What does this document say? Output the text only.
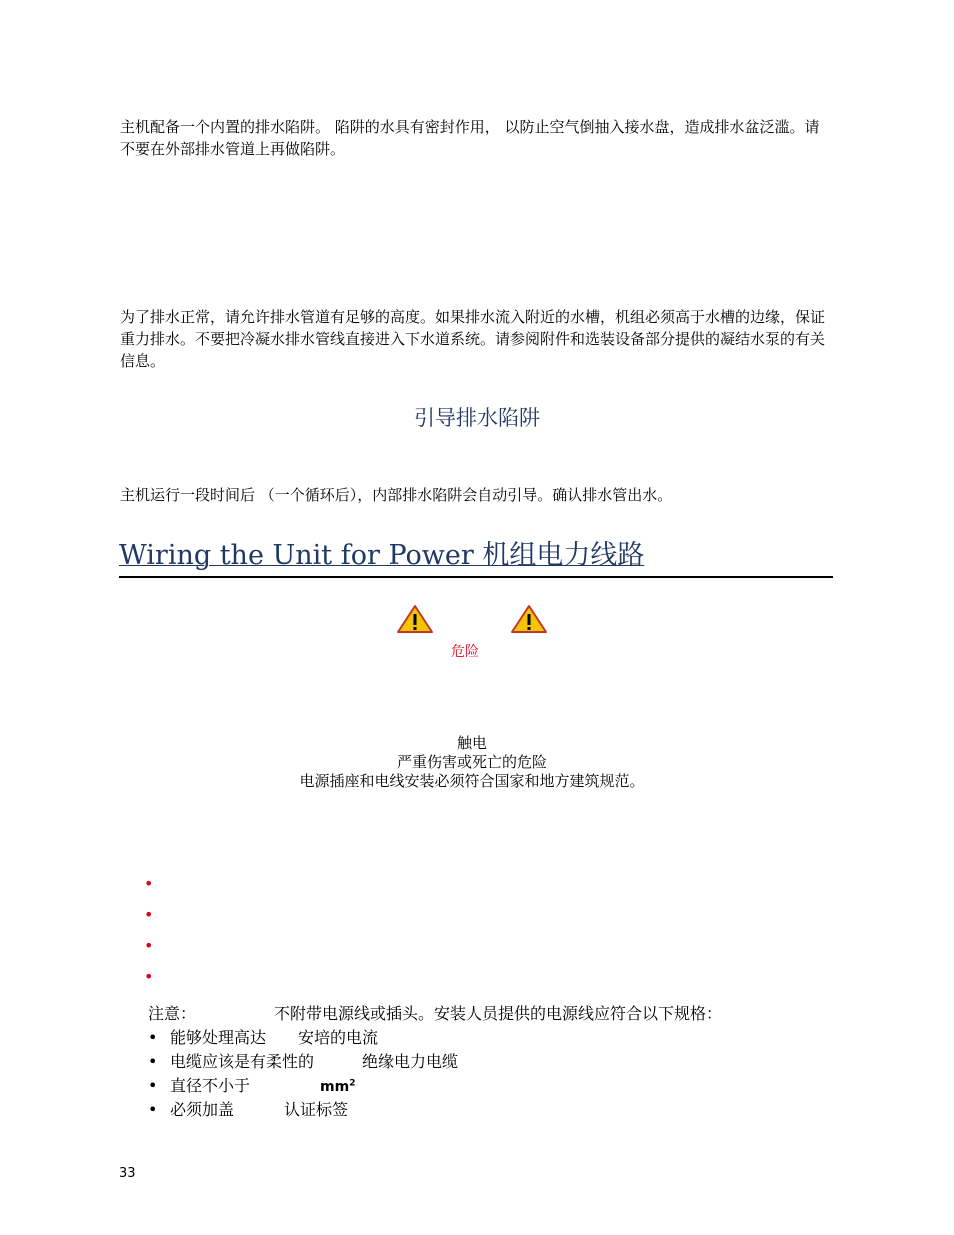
主机配备一个内置的排水陷阱。 陷阱的水具有密封作用， 以防止空气倒抽入接水盘，造成排水盆泛滥。请不要在外部排水管道上再做陷阱。
为了排水正常，请允许排水管道有足够的高度。如果排水流入附近的水槽，机组必须高于水槽的边缘，保证重力排水。不要把冷凝水排水管线直接进入下水道系统。请参阅附件和选装设备部分提供的凝结水泵的有关信息。
引导排水陷阱
主机运行一段时间后 （一个循环后），内部排水陷阱会自动引导。确认排水管出水。
Wiring the Unit for Power 机组电力线路
危险
触电
严重伤害或死亡的危险
电源插座和电线安装必须符合国家和地方建筑规范。
•
•
•
•
注意：	不附带电源线或插头。安装人员提供的电源线应符合以下规格：
• 能够处理高达 安培的电流
• 电缆应该是有柔性的	绝缘电力电缆
• 直径不小于	$mm^2$
• 必须加盖	认证标签
33
